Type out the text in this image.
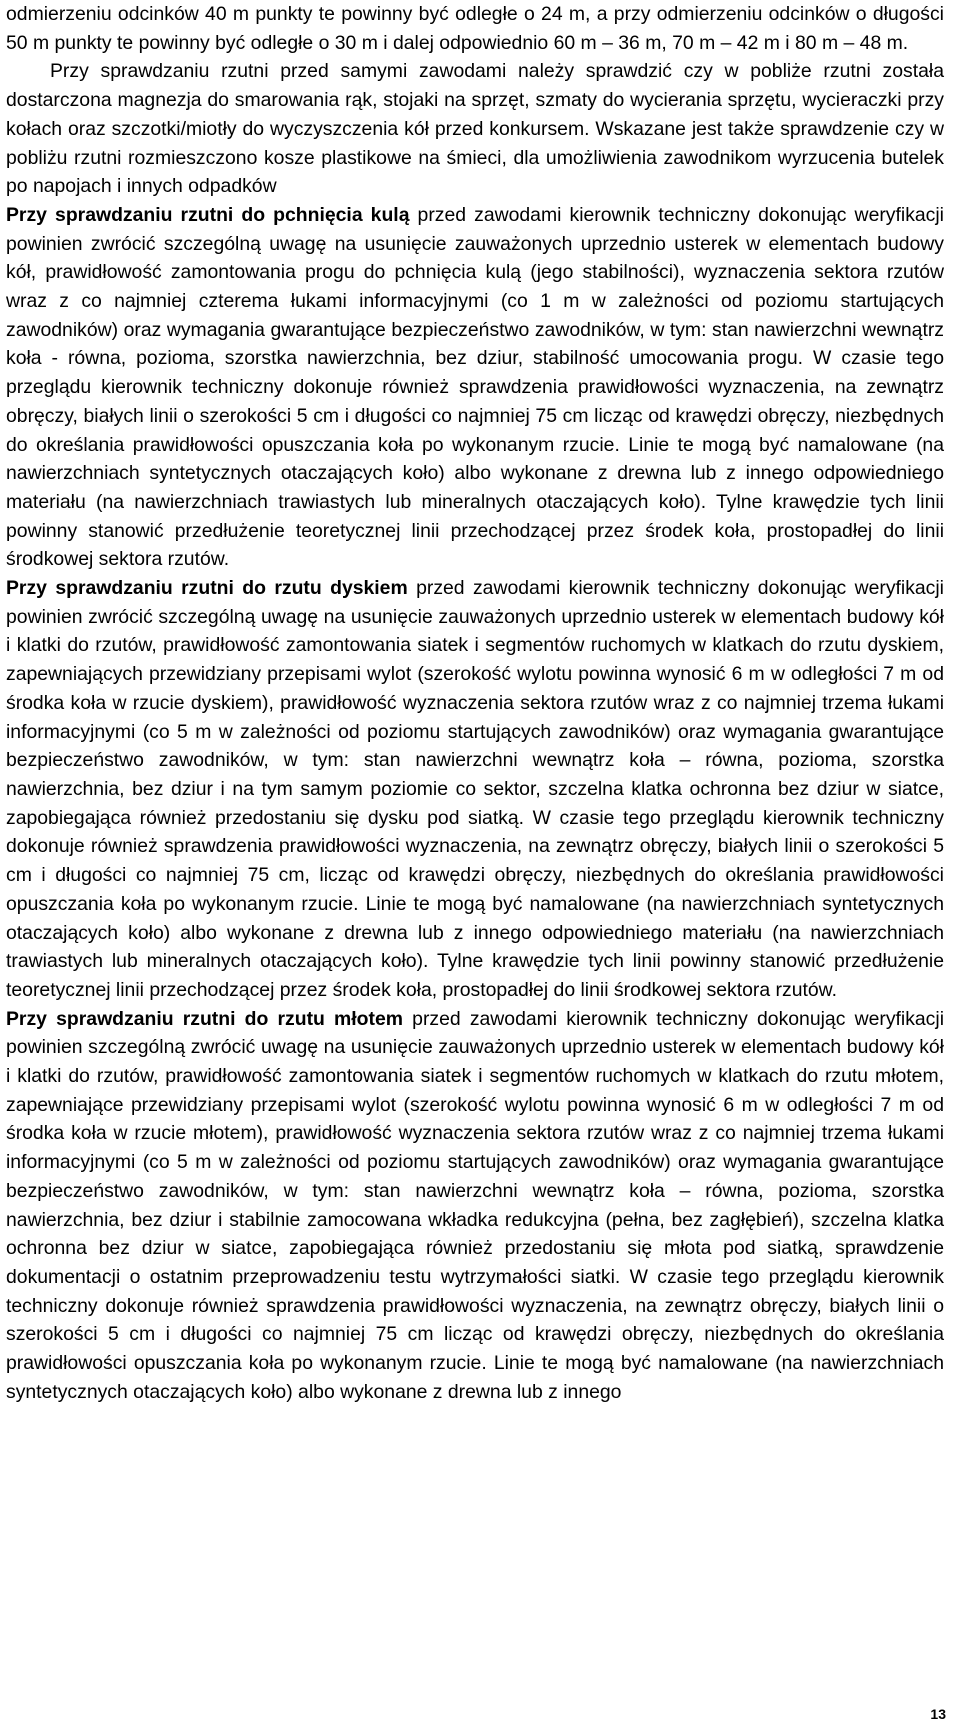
odmierzeniu odcinków 40 m punkty te powinny być odległe o 24 m, a przy odmierzeniu odcinków o długości 50 m punkty te powinny być odległe o 30 m i dalej odpowiednio 60 m – 36 m, 70 m – 42 m i 80 m – 48 m.

Przy sprawdzaniu rzutni przed samymi zawodami należy sprawdzić czy w pobliże rzutni została dostarczona magnezja do smarowania rąk, stojaki na sprzęt, szmaty do wycierania sprzętu, wycieraczki przy kołach oraz szczotki/miotły do wyczyszczenia kół przed konkursem. Wskazane jest także sprawdzenie czy w pobliżu rzutni rozmieszczono kosze plastikowe na śmieci, dla umożliwienia zawodnikom wyrzucenia butelek po napojach i innych odpadków

Przy sprawdzaniu rzutni do pchnięcia kulą przed zawodami kierownik techniczny dokonując weryfikacji powinien zwrócić szczególną uwagę na usunięcie zauważonych uprzednio usterek w elementach budowy kół, prawidłowość zamontowania progu do pchnięcia kulą (jego stabilności), wyznaczenia sektora rzutów wraz z co najmniej czterema łukami informacyjnymi (co 1 m w zależności od poziomu startujących zawodników) oraz wymagania gwarantujące bezpieczeństwo zawodników, w tym: stan nawierzchni wewnątrz koła - równa, pozioma, szorstka nawierzchnia, bez dziur, stabilność umocowania progu. W czasie tego przeglądu kierownik techniczny dokonuje również sprawdzenia prawidłowości wyznaczenia, na zewnątrz obręczy, białych linii o szerokości 5 cm i długości co najmniej 75 cm licząc od krawędzi obręczy, niezbędnych do określania prawidłowości opuszczania koła po wykonanym rzucie. Linie te mogą być namalowane (na nawierzchniach syntetycznych otaczających koło) albo wykonane z drewna lub z innego odpowiedniego materiału (na nawierzchniach trawiastych lub mineralnych otaczających koło). Tylne krawędzie tych linii powinny stanowić przedłużenie teoretycznej linii przechodzącej przez środek koła, prostopadłej do linii środkowej sektora rzutów.

Przy sprawdzaniu rzutni do rzutu dyskiem przed zawodami kierownik techniczny dokonując weryfikacji powinien zwrócić szczególną uwagę na usunięcie zauważonych uprzednio usterek w elementach budowy kół i klatki do rzutów, prawidłowość zamontowania siatek i segmentów ruchomych w klatkach do rzutu dyskiem, zapewniających przewidziany przepisami wylot (szerokość wylotu powinna wynosić 6 m w odległości 7 m od środka koła w rzucie dyskiem), prawidłowość wyznaczenia sektora rzutów wraz z co najmniej trzema łukami informacyjnymi (co 5 m w zależności od poziomu startujących zawodników) oraz wymagania gwarantujące bezpieczeństwo zawodników, w tym: stan nawierzchni wewnątrz koła – równa, pozioma, szorstka nawierzchnia, bez dziur i na tym samym poziomie co sektor, szczelna klatka ochronna bez dziur w siatce, zapobiegająca również przedostaniu się dysku pod siatką. W czasie tego przeglądu kierownik techniczny dokonuje również sprawdzenia prawidłowości wyznaczenia, na zewnątrz obręczy, białych linii o szerokości 5 cm i długości co najmniej 75 cm, licząc od krawędzi obręczy, niezbędnych do określania prawidłowości opuszczania koła po wykonanym rzucie. Linie te mogą być namalowane (na nawierzchniach syntetycznych otaczających koło) albo wykonane z drewna lub z innego odpowiedniego materiału (na nawierzchniach trawiastych lub mineralnych otaczających koło). Tylne krawędzie tych linii powinny stanowić przedłużenie teoretycznej linii przechodzącej przez środek koła, prostopadłej do linii środkowej sektora rzutów.

Przy sprawdzaniu rzutni do rzutu młotem przed zawodami kierownik techniczny dokonując weryfikacji powinien szczególną zwrócić uwagę na usunięcie zauważonych uprzednio usterek w elementach budowy kół i klatki do rzutów, prawidłowość zamontowania siatek i segmentów ruchomych w klatkach do rzutu młotem, zapewniające przewidziany przepisami wylot (szerokość wylotu powinna wynosić 6 m w odległości 7 m od środka koła w rzucie młotem), prawidłowość wyznaczenia sektora rzutów wraz z co najmniej trzema łukami informacyjnymi (co 5 m w zależności od poziomu startujących zawodników) oraz wymagania gwarantujące bezpieczeństwo zawodników, w tym: stan nawierzchni wewnątrz koła – równa, pozioma, szorstka nawierzchnia, bez dziur i stabilnie zamocowana wkładka redukcyjna (pełna, bez zagłębień), szczelna klatka ochronna bez dziur w siatce, zapobiegająca również przedostaniu się młota pod siatką, sprawdzenie dokumentacji o ostatnim przeprowadzeniu testu wytrzymałości siatki. W czasie tego przeglądu kierownik techniczny dokonuje również sprawdzenia prawidłowości wyznaczenia, na zewnątrz obręczy, białych linii o szerokości 5 cm i długości co najmniej 75 cm licząc od krawędzi obręczy, niezbędnych do określania prawidłowości opuszczania koła po wykonanym rzucie. Linie te mogą być namalowane (na nawierzchniach syntetycznych otaczających koło) albo wykonane z drewna lub z innego

13
